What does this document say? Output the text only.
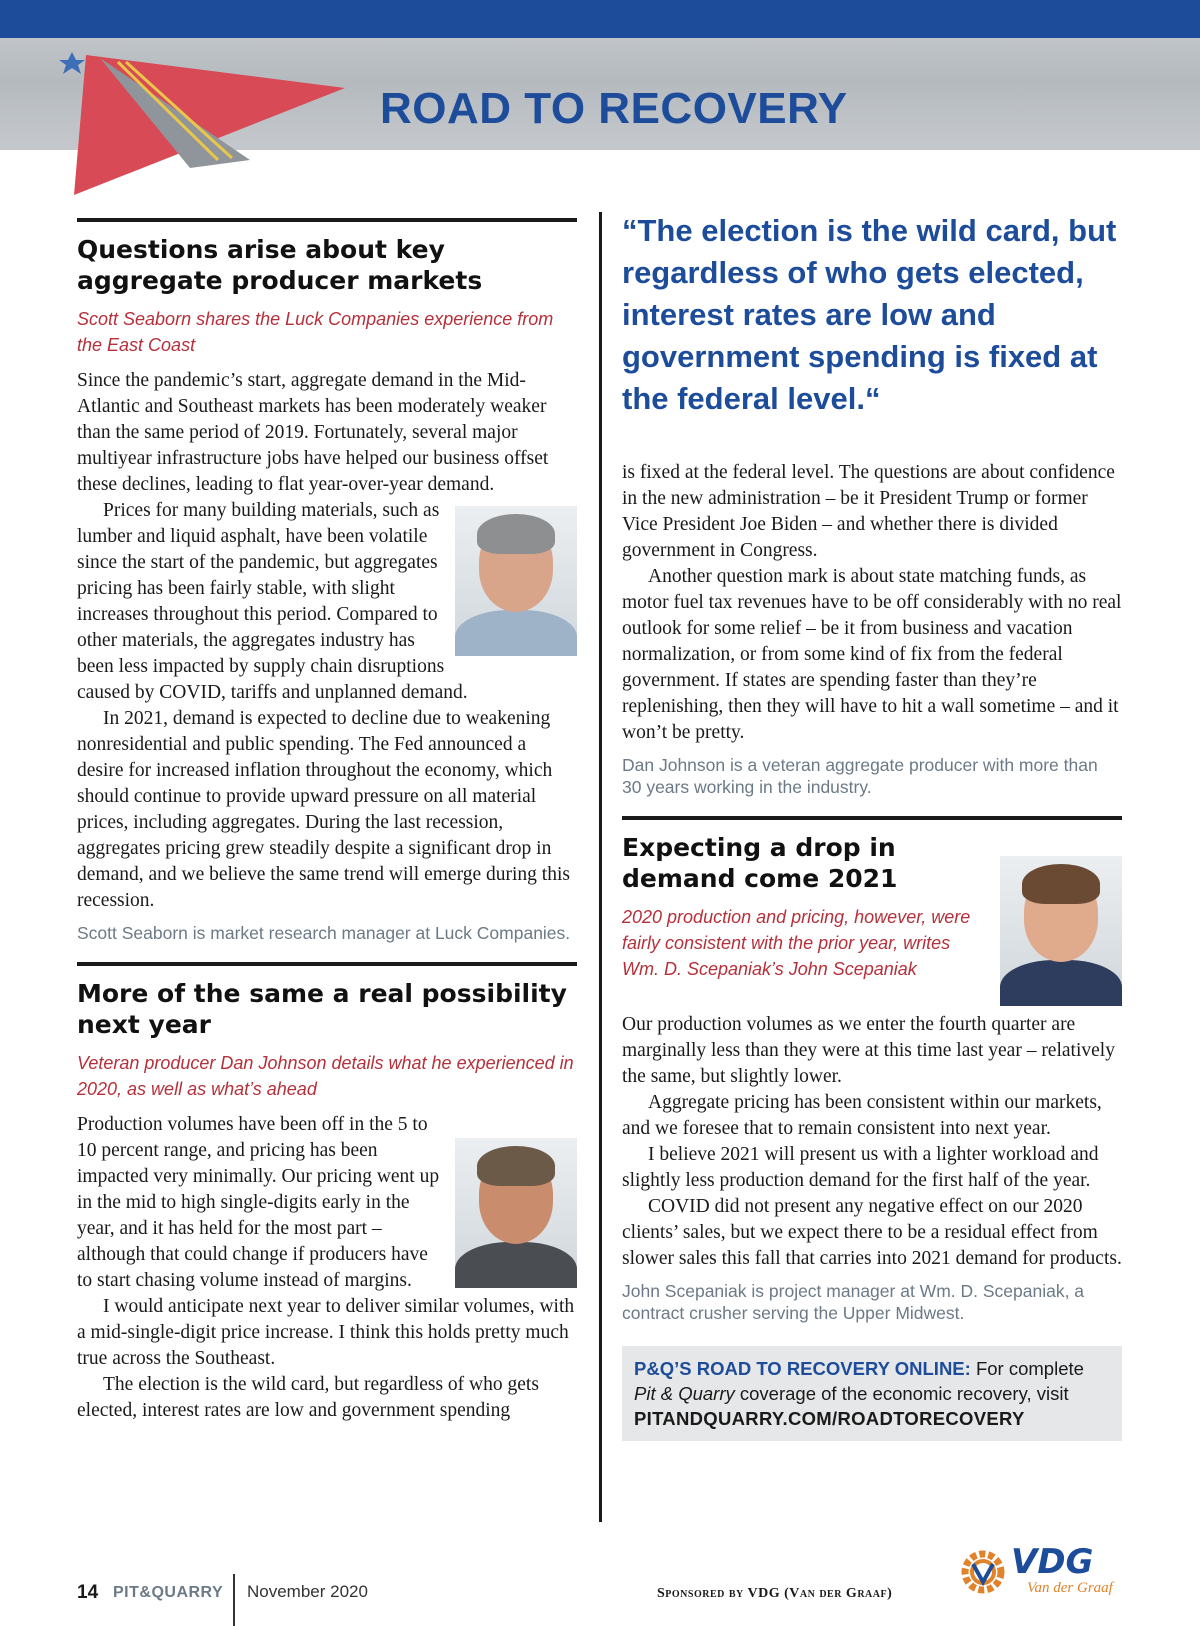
ROAD TO RECOVERY
Questions arise about key aggregate producer markets
Scott Seaborn shares the Luck Companies experience from the East Coast

Since the pandemic’s start, aggregate demand in the Mid-Atlantic and Southeast markets has been moderately weaker than the same period of 2019. Fortunately, several major multiyear infrastructure jobs have helped our business offset these declines, leading to flat year-over-year demand.

Prices for many building materials, such as lumber and liquid asphalt, have been volatile since the start of the pandemic, but aggregates pricing has been fairly stable, with slight increases throughout this period. Compared to other materials, the aggregates industry has been less impacted by supply chain disruptions caused by COVID, tariffs and unplanned demand.

In 2021, demand is expected to decline due to weakening nonresidential and public spending. The Fed announced a desire for increased inflation throughout the economy, which should continue to provide upward pressure on all material prices, including aggregates. During the last recession, aggregates pricing grew steadily despite a significant drop in demand, and we believe the same trend will emerge during this recession.

Scott Seaborn is market research manager at Luck Companies.
More of the same a real possibility next year
Veteran producer Dan Johnson details what he experienced in 2020, as well as what’s ahead

Production volumes have been off in the 5 to 10 percent range, and pricing has been impacted very minimally. Our pricing went up in the mid to high single-digits early in the year, and it has held for the most part – although that could change if producers have to start chasing volume instead of margins.

I would anticipate next year to deliver similar volumes, with a mid-single-digit price increase. I think this holds pretty much true across the Southeast.

The election is the wild card, but regardless of who gets elected, interest rates are low and government spending

“The election is the wild card, but regardless of who gets elected, interest rates are low and government spending is fixed at the federal level.“

is fixed at the federal level. The questions are about confidence in the new administration – be it President Trump or former Vice President Joe Biden – and whether there is divided government in Congress.

Another question mark is about state matching funds, as motor fuel tax revenues have to be off considerably with no real outlook for some relief – be it from business and vacation normalization, or from some kind of fix from the federal government. If states are spending faster than they’re replenishing, then they will have to hit a wall sometime – and it won’t be pretty.

Dan Johnson is a veteran aggregate producer with more than 30 years working in the industry.
Expecting a drop in demand come 2021
2020 production and pricing, however, were fairly consistent with the prior year, writes Wm. D. Scepaniak’s John Scepaniak

Our production volumes as we enter the fourth quarter are marginally less than they were at this time last year – relatively the same, but slightly lower.

Aggregate pricing has been consistent within our markets, and we foresee that to remain consistent into next year.

I believe 2021 will present us with a lighter workload and slightly less production demand for the first half of the year.

COVID did not present any negative effect on our 2020 clients’ sales, but we expect there to be a residual effect from slower sales this fall that carries into 2021 demand for products.

John Scepaniak is project manager at Wm. D. Scepaniak, a contract crusher serving the Upper Midwest.
P&Q’S ROAD TO RECOVERY ONLINE: For complete
Pit & Quarry coverage of the economic recovery, visit
PITANDQUARRY.COM/ROADTORECOVERY
14 PIT&QUARRY November 2020	Sponsored by VDG (Van der Graaf)
VDG
Van der Graaf
